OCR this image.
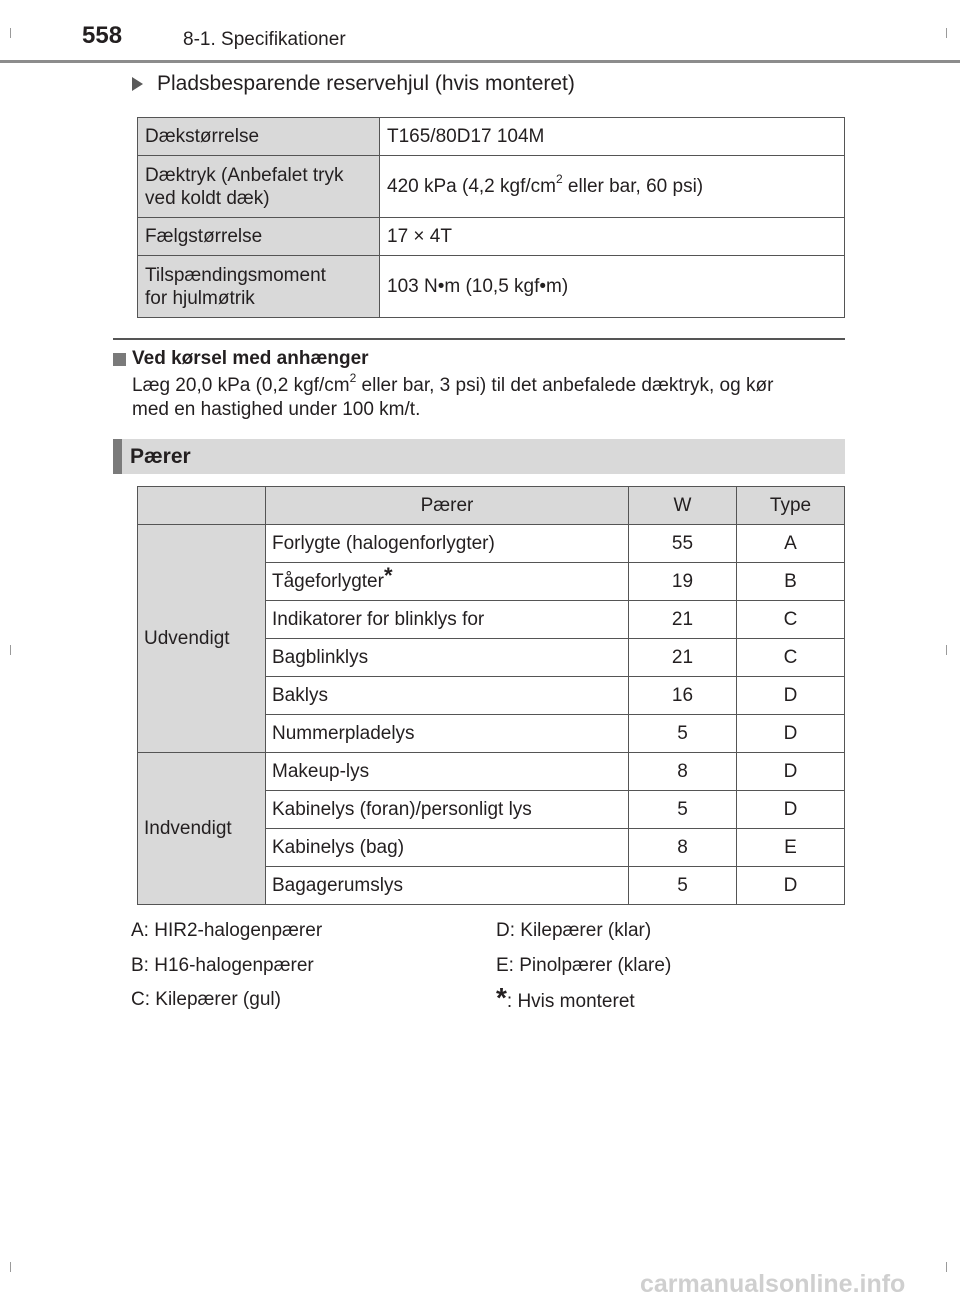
558	8-1. Specifikationer
Pladsbesparende reservehjul (hvis monteret)
Dækstørrelse	T165/80D17 104M
Dæktryk (Anbefalet tryk
ved koldt dæk)	420 kPa (4,2 kgf/$cm^2$ eller bar, 60 psi)
Fælgstørrelse	17 × 4T
Tilspændingsmoment
for hjulmøtrik	103 N•m (10,5 kgf•m)
Ved kørsel med anhænger
Læg 20,0 kPa (0,2 kgf/$cm^2$ eller bar, 3 psi) til det anbefalede dæktryk, og kør
med en hastighed under 100 km/t.
Pærer
	Pærer	W	Type
Udvendigt	Forlygte (halogenforlygter)	55	A
	Tågeforlygter*	19	B
	Indikatorer for blinklys for	21	C
	Bagblinklys	21	C
	Baklys	16	D
	Nummerpladelys	5	D
Indvendigt	Makeup-lys	8	D
	Kabinelys (foran)/personligt lys	5	D
	Kabinelys (bag)	8	E
	Bagagerumslys	5	D
A: HIR2-halogenpærer
B: H16-halogenpærer
C: Kilepærer (gul)
D: Kilepærer (klar)
E: Pinolpærer (klare)
*: Hvis monteret
carmanualsonline.info
